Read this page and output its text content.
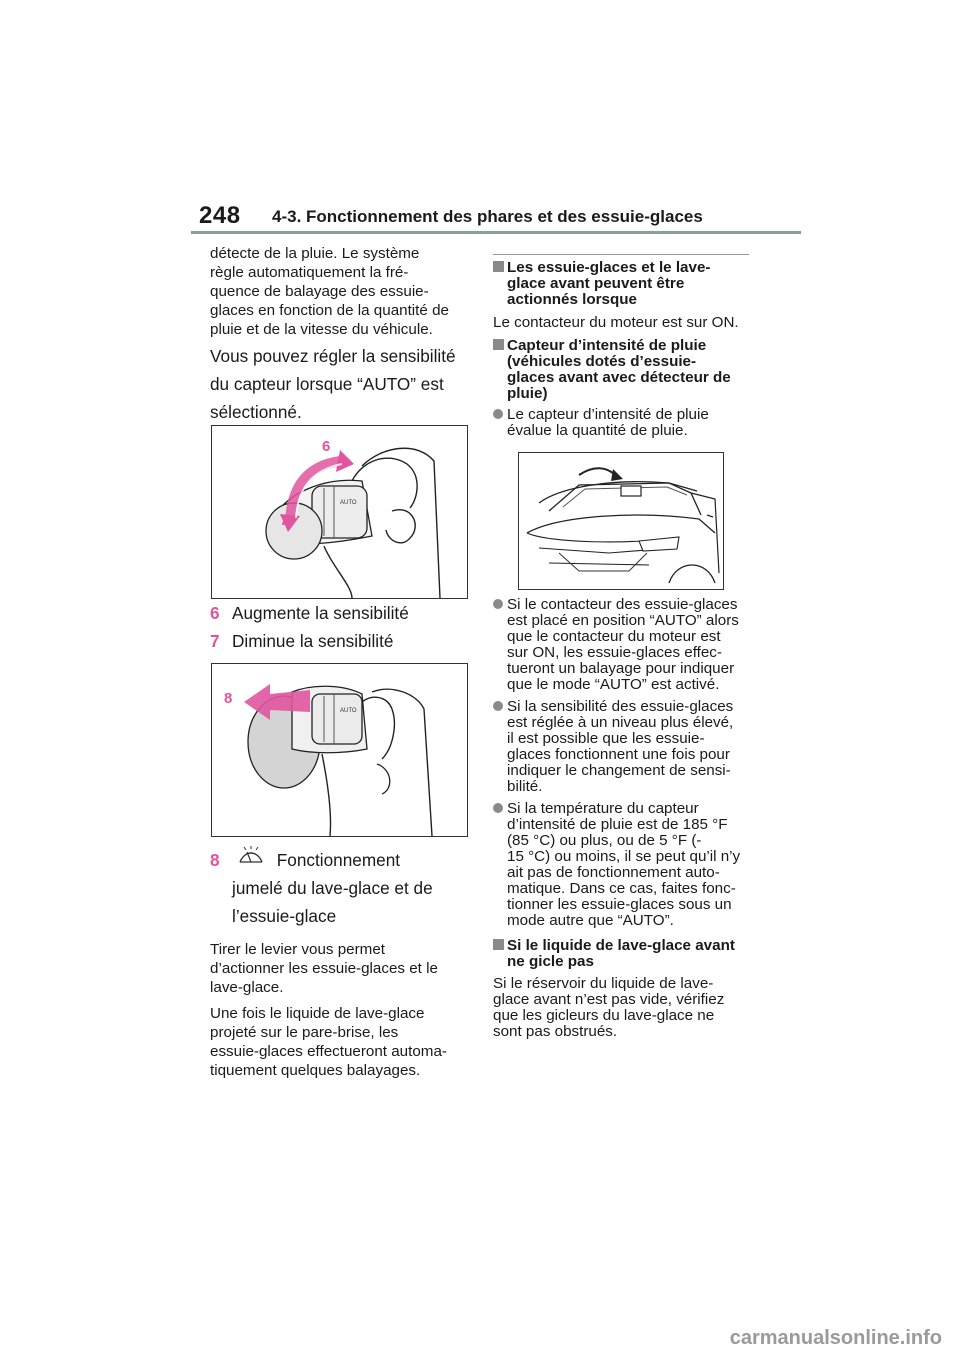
248 4-3. Fonctionnement des phares et des essuie-glaces
détecte de la pluie. Le système
règle automatiquement la fré-
quence de balayage des essuie-
glaces en fonction de la quantité de
pluie et de la vitesse du véhicule.
Vous pouvez régler la sensibilité
du capteur lorsque “AUTO” est
sélectionné.
AUTO
6
7
6 Augmente la sensibilité
7 Diminue la sensibilité
AUTO
8
8	Fonctionnement
jumelé du lave-glace et de
l’essuie-glace
Tirer le levier vous permet
d’actionner les essuie-glaces et le
lave-glace.
Une fois le liquide de lave-glace
projeté sur le pare-brise, les
essuie-glaces effectueront automa-
tiquement quelques balayages.
Les essuie-glaces et le lave-
glace avant peuvent être
actionnés lorsque
Le contacteur du moteur est sur ON.
Capteur d’intensité de pluie
(véhicules dotés d’essuie-
glaces avant avec détecteur de
pluie)
Le capteur d’intensité de pluie
évalue la quantité de pluie.
Si le contacteur des essuie-glaces
est placé en position “AUTO” alors
que le contacteur du moteur est
sur ON, les essuie-glaces effec-
tueront un balayage pour indiquer
que le mode “AUTO” est activé.
Si la sensibilité des essuie-glaces
est réglée à un niveau plus élevé,
il est possible que les essuie-
glaces fonctionnent une fois pour
indiquer le changement de sensi-
bilité.
Si la température du capteur
d’intensité de pluie est de 185 °F
(85 °C) ou plus, ou de 5 °F (-
15 °C) ou moins, il se peut qu’il n’y
ait pas de fonctionnement auto-
matique. Dans ce cas, faites fonc-
tionner les essuie-glaces sous un
mode autre que “AUTO”.
Si le liquide de lave-glace avant
ne gicle pas
Si le réservoir du liquide de lave-
glace avant n’est pas vide, vérifiez
que les gicleurs du lave-glace ne
sont pas obstrués.
carmanualsonline.info
